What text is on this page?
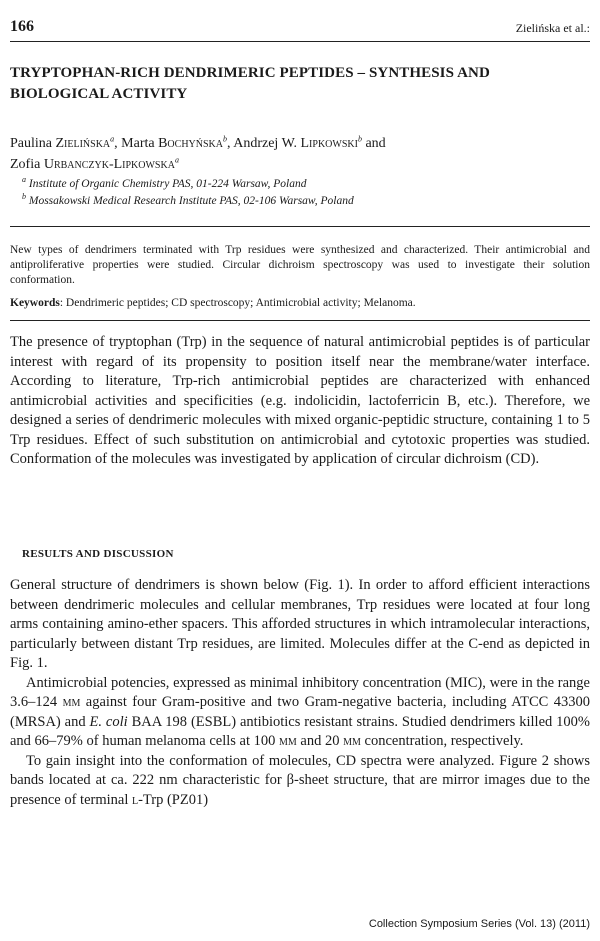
166	Zielińska et al.:
TRYPTOPHAN-RICH DENDRIMERIC PEPTIDES – SYNTHESIS AND BIOLOGICAL ACTIVITY
Paulina Zielińska$^a$, Marta Bochyńska$^b$, Andrzej W. Lipkowski$^b$ and
Zofia Urbanczyk-Lipkowska$^a$
$^a$ Institute of Organic Chemistry PAS, 01-224 Warsaw, Poland
$^b$ Mossakowski Medical Research Institute PAS, 02-106 Warsaw, Poland
New types of dendrimers terminated with Trp residues were synthesized and characterized. Their antimicrobial and antiproliferative properties were studied. Circular dichroism spectroscopy was used to investigate their solution conformation.
Keywords: Dendrimeric peptides; CD spectroscopy; Antimicrobial activity; Melanoma.

The presence of tryptophan (Trp) in the sequence of natural antimicrobial peptides is of particular interest with regard of its propensity to position itself near the membrane/water interface. According to literature, Trp-rich antimicrobial peptides are characterized with enhanced antimicrobial activities and specificities (e.g. indolicidin, lactoferricin B, etc.). Therefore, we designed a series of dendrimeric molecules with mixed organic-peptidic structure, containing 1 to 5 Trp residues. Effect of such substitution on antimicrobial and cytotoxic properties was studied. Conformation of the molecules was investigated by application of circular dichroism (CD).

RESULTS AND DISCUSSION

General structure of dendrimers is shown below (Fig. 1). In order to afford efficient interactions between dendrimeric molecules and cellular membranes, Trp residues were located at four long arms containing amino-ether spacers. This afforded structures in which intramolecular interactions, particularly between distant Trp residues, are limited. Molecules differ at the C-end as depicted in Fig. 1.

Antimicrobial potencies, expressed as minimal inhibitory concentration (MIC), were in the range 3.6–124 μm against four Gram-positive and two Gram-negative bacteria, including ATCC 43300 (MRSA) and E. coli BAA 198 (ESBL) antibiotics resistant strains. Studied dendrimers killed 100% and 66–79% of human melanoma cells at 100 μm and 20 μm concentration, respectively.

To gain insight into the conformation of molecules, CD spectra were analyzed. Figure 2 shows bands located at ca. 222 nm characteristic for β-sheet structure, that are mirror images due to the presence of terminal l-Trp (PZ01)

Collection Symposium Series (Vol. 13) (2011)
